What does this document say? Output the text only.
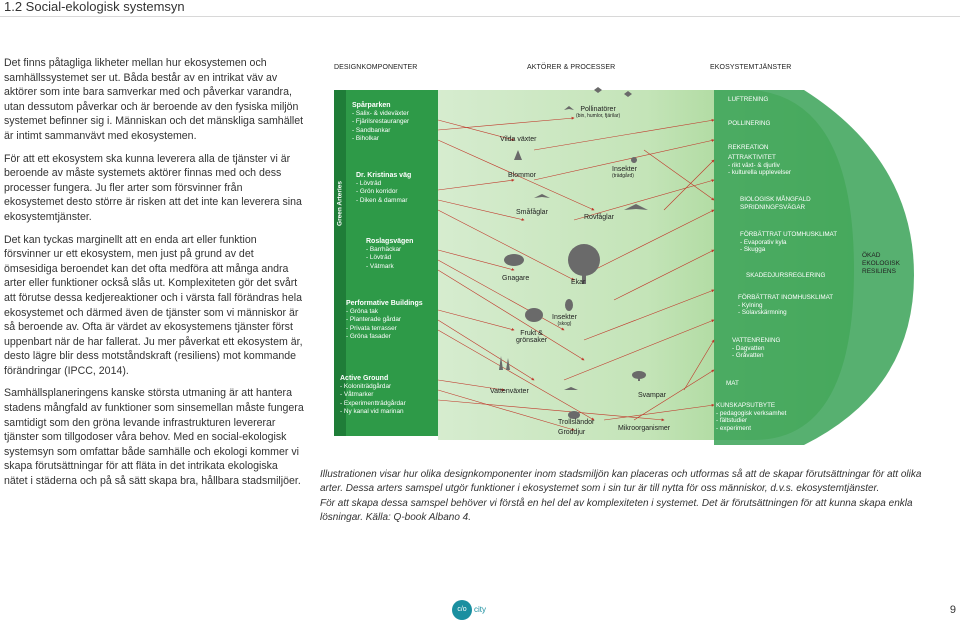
1.2 Social-ekologisk systemsyn

Det finns påtagliga likheter mellan hur ekosystemen och samhällssystemet ser ut. Båda består av en intrikat väv av aktörer som inte bara samverkar med och påverkar varandra, utan dessutom påverkar och är beroende av den fysiska miljön systemet befinner sig i. Människan och det mänskliga samhället är intimt sammanvävt med ekosystemen.

För att ett ekosystem ska kunna leverera alla de tjänster vi är beroende av måste systemets aktörer finnas med och dess processer fungera. Ju fler arter som försvinner från ekosystemet desto större är risken att det inte kan leverera sina ekosystemtjänster.

Det kan tyckas marginellt att en enda art eller funktion försvinner ur ett ekosystem, men just på grund av det ömsesidiga beroendet kan det ofta medföra att många andra arter eller funktioner också slås ut. Komplexiteten gör det svårt att förutse dessa kedjereaktioner och i värsta fall förändras hela ekosystemet och därmed även de tjänster som vi människor är så beroende av. Ofta är värdet av ekosystemens tjänster först uppenbart när de har fallerat. Ju mer påverkat ett ekosystem är, desto lägre blir dess motståndskraft (resiliens) mot kommande förändringar (IPCC, 2014).

Samhällsplaneringens kanske största utmaning är att hantera stadens mångfald av funktioner som sinsemellan måste fungera samtidigt som den gröna levande infrastrukturen levererar tjänster som tillgodoser våra behov. Med en social-ekologisk systemsyn som omfattar både samhälle och ekologi kommer vi skapa förutsättningar för att fläta in det intrikata ekologiska nätet i städerna och på så sätt skapa bra, hållbara stadsmiljöer.

DESIGNKOMPONENTER	AKTÖRER & PROCESSER	EKOSYSTEMTJÄNSTER
Green Arteries
Spårparken
- Salix- & videväxter
- Fjärilsrestauranger
- Sandbankar
- Biholkar
Dr. Kristinas väg
- Lövträd
- Grön korridor
- Diken & dammar
Roslagsvägen
- Barrhäckar
- Lövträd
- Vätmark
Performative Buildings
- Gröna tak
- Planterade gårdar
- Privata terrasser
- Gröna fasader
Active Ground
- Koloniträdgårdar
- Våtmarker
- Experimentträdgårdar
- Ny kanal vid marinan
Pollinatörer
(bin, humlor, fjärilar)
Vilda växter
Blommor
Insekter
(trädgård)
Småfåglar
Rovfåglar
Gnagare
Ekar
Insekter
(skog)
Frukt &
grönsaker
Vattenväxter
Svampar
Trollsländor
Groddjur
Mikroorganismer
LUFTRENING
POLLINERING
REKREATION
ATTRAKTIVITET
- rikt växt- & djurliv
- kulturella upplevelser
BIOLOGISK MÅNGFALD
SPRIDNINGFSVÄGAR
FÖRBÄTTRAT UTOMHUSKLIMAT
- Evaporativ kyla
- Skugga
SKADEDJURSREGLERING
FÖRBÄTTRAT INOMHUSKLIMAT
- Kylning
- Solavskärmning
VATTENRENING
- Dagvatten
- Gråvatten
MAT
KUNSKAPSUTBYTE
- pedagogisk verksamhet
- fältstudier
- experiment
ÖKAD
EKOLOGISK
RESILIENS

Illustrationen visar hur olika designkomponenter inom stadsmiljön kan placeras och utformas så att de skapar förutsättningar för att olika arter. Dessa arters samspel utgör funktioner i ekosystemet som i sin tur är till nytta för oss människor, d.v.s. ekosystemtjänster.

För att skapa dessa samspel behöver vi förstå en hel del av komplexiteten i systemet. Det är förutsättningen för att kunna skapa enkla lösningar. Källa: Q-book Albano 4.

c/o city	9
